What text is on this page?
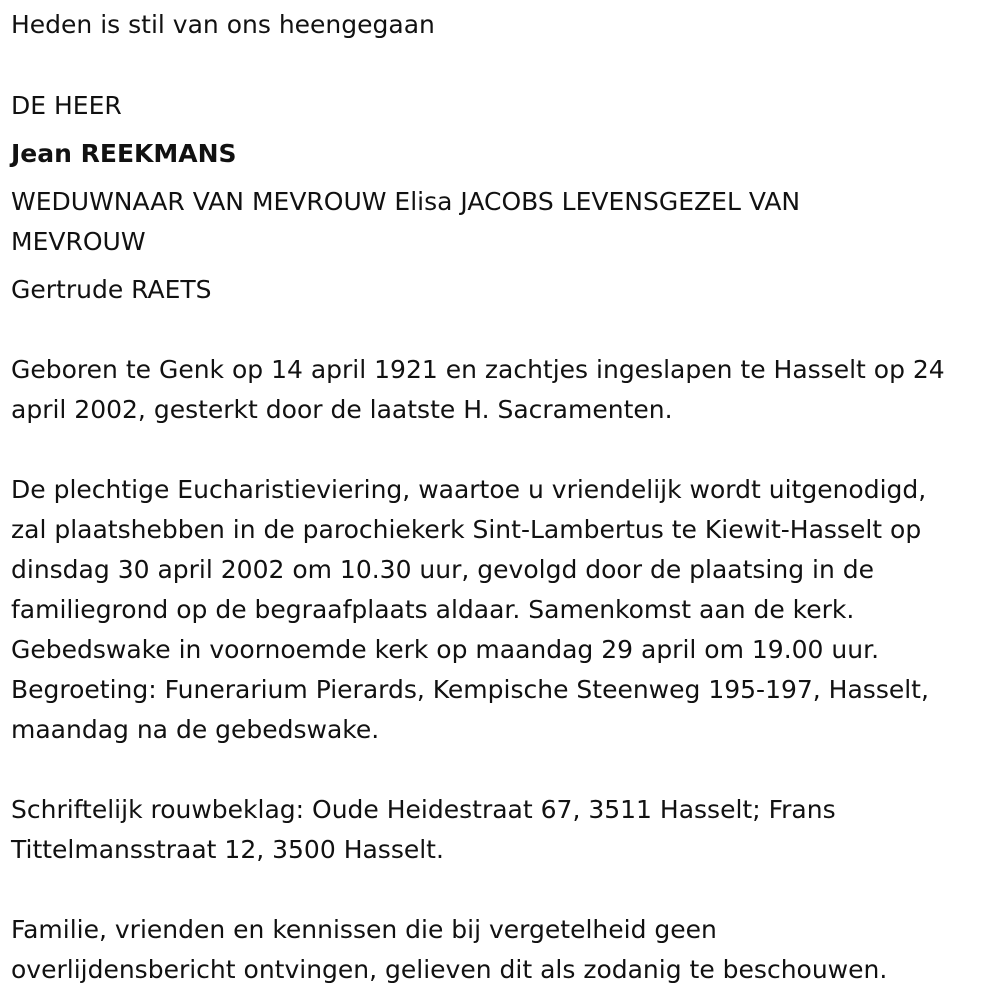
Heden is stil van ons heengegaan
DE HEER
Jean REEKMANS
WEDUWNAAR VAN MEVROUW Elisa JACOBS LEVENSGEZEL VAN
MEVROUW
Gertrude RAETS
Geboren te Genk op 14 april 1921 en zachtjes ingeslapen te Hasselt op 24
april 2002, gesterkt door de laatste H. Sacramenten.
De plechtige Eucharistieviering, waartoe u vriendelijk wordt uitgenodigd,
zal plaatshebben in de parochiekerk Sint-Lambertus te Kiewit-Hasselt op
dinsdag 30 april 2002 om 10.30 uur, gevolgd door de plaatsing in de
familiegrond op de begraafplaats aldaar. Samenkomst aan de kerk.
Gebedswake in voornoemde kerk op maandag 29 april om 19.00 uur.
Begroeting: Funerarium Pierards, Kempische Steenweg 195-197, Hasselt,
maandag na de gebedswake.
Schriftelijk rouwbeklag: Oude Heidestraat 67, 3511 Hasselt; Frans
Tittelmansstraat 12, 3500 Hasselt.
Familie, vrienden en kennissen die bij vergetelheid geen
overlijdensbericht ontvingen, gelieven dit als zodanig te beschouwen.
